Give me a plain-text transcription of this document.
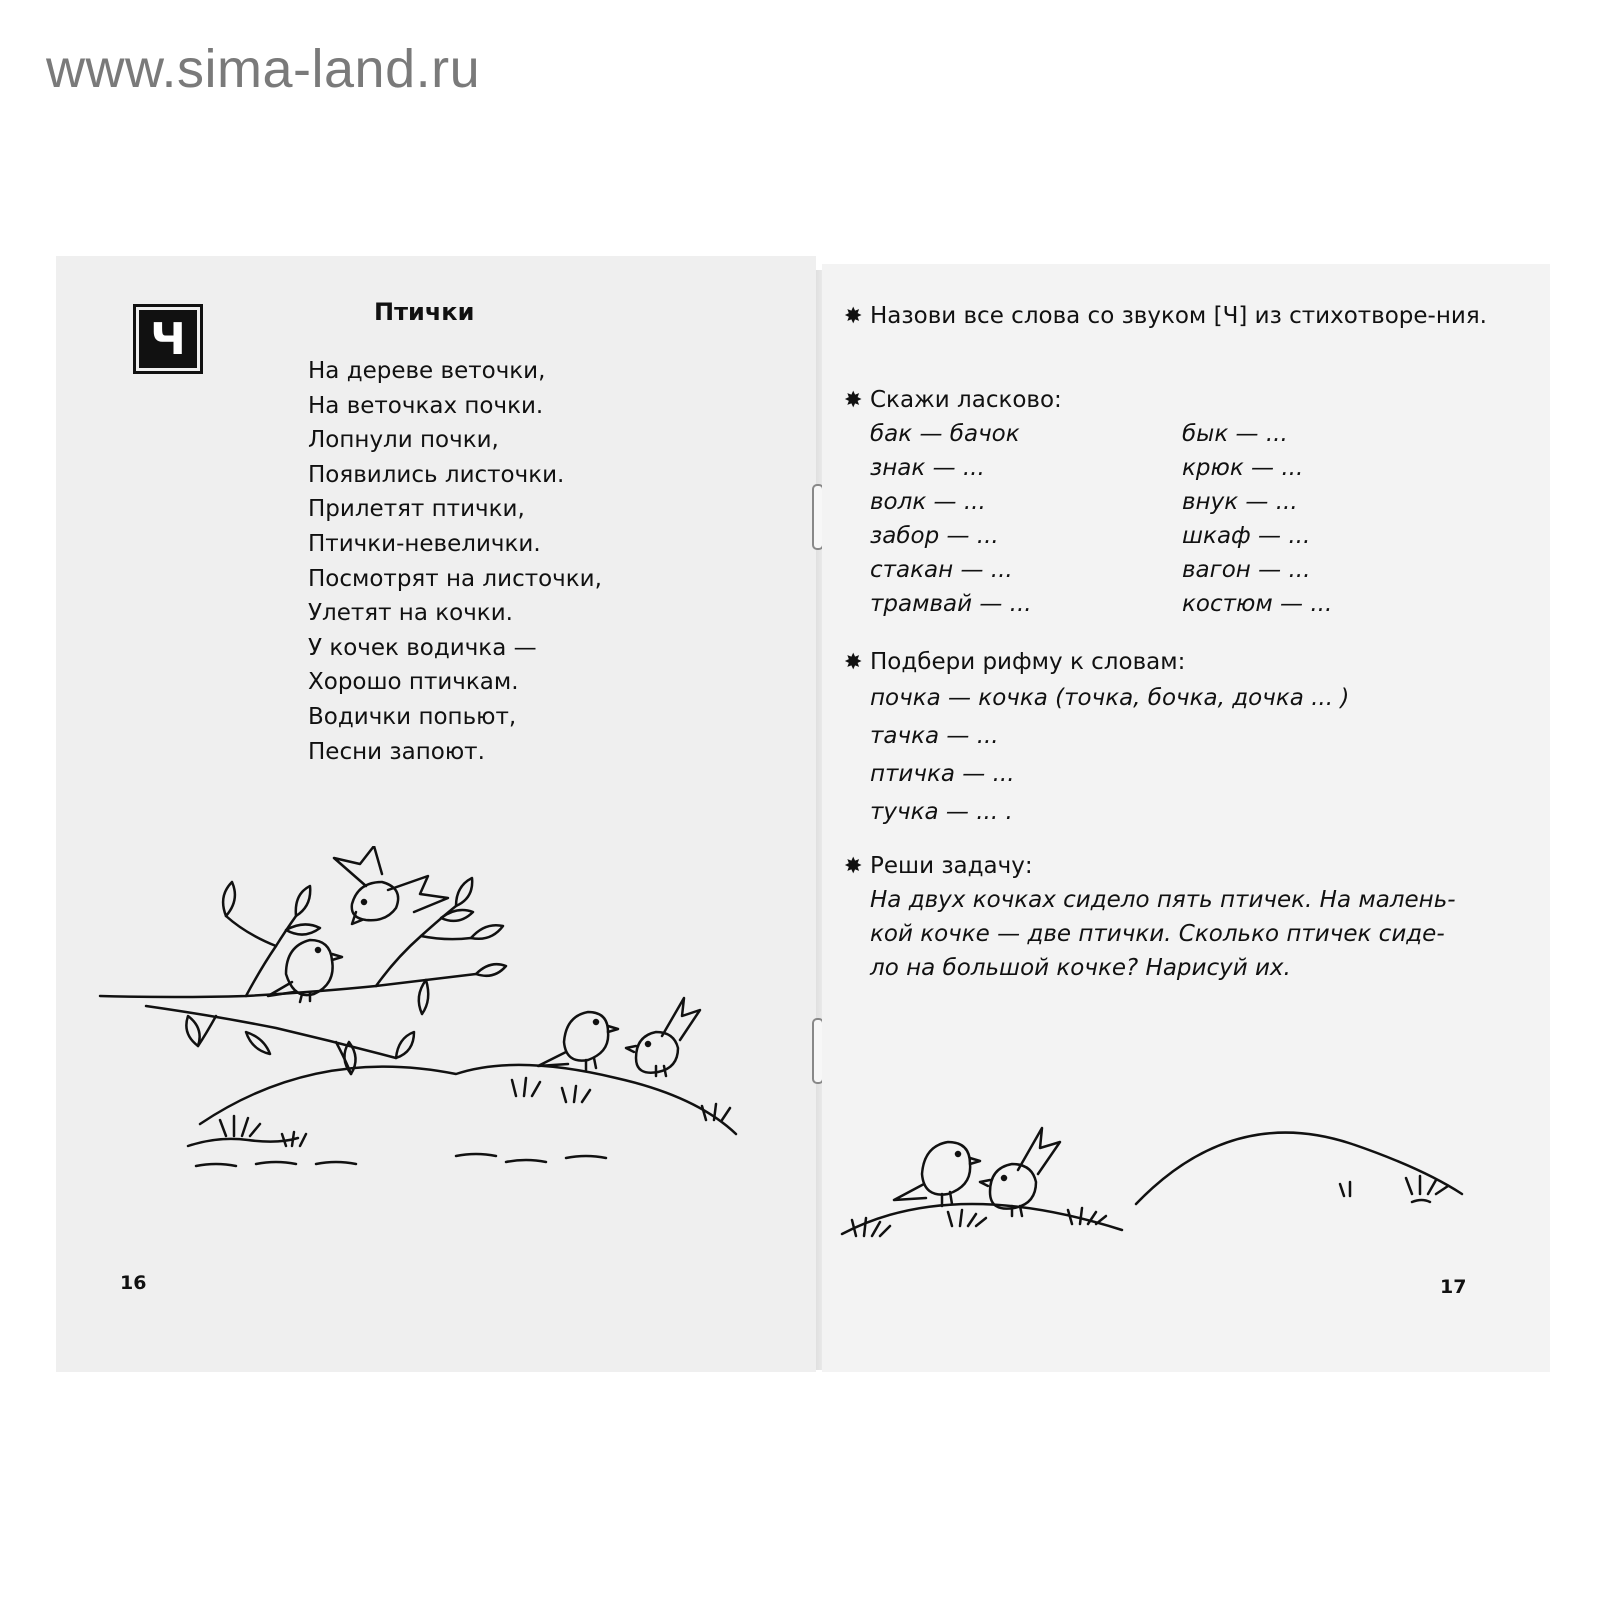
www.sima-land.ru
Ч
Птички
На дереве веточки,
На веточках почки.
Лопнули почки,
Появились листочки.
Прилетят птички,
Птички-невелички.
Посмотрят на листочки,
Улетят на кочки.
У кочек водичка —
Хорошо птичкам.
Водички попьют,
Песни запоют.
16
✸ Назови все слова со звуком [Ч] из стихотворе-ния.
✸ Скажи ласково:
бак — бачок
знак — ...
волк — ...
забор — ...
стакан — ...
трамвай — ...
бык — ...
крюк — ...
внук — ...
шкаф — ...
вагон — ...
костюм — ...
✸ Подбери рифму к словам:
почка — кочка (точка, бочка, дочка ... )
тачка — ...
птичка — ...
тучка — ... .
✸ Реши задачу:
На двух кочках сидело пять птичек. На малень-
кой кочке — две птички. Сколько птичек сиде-
ло на большой кочке? Нарисуй их.
17
